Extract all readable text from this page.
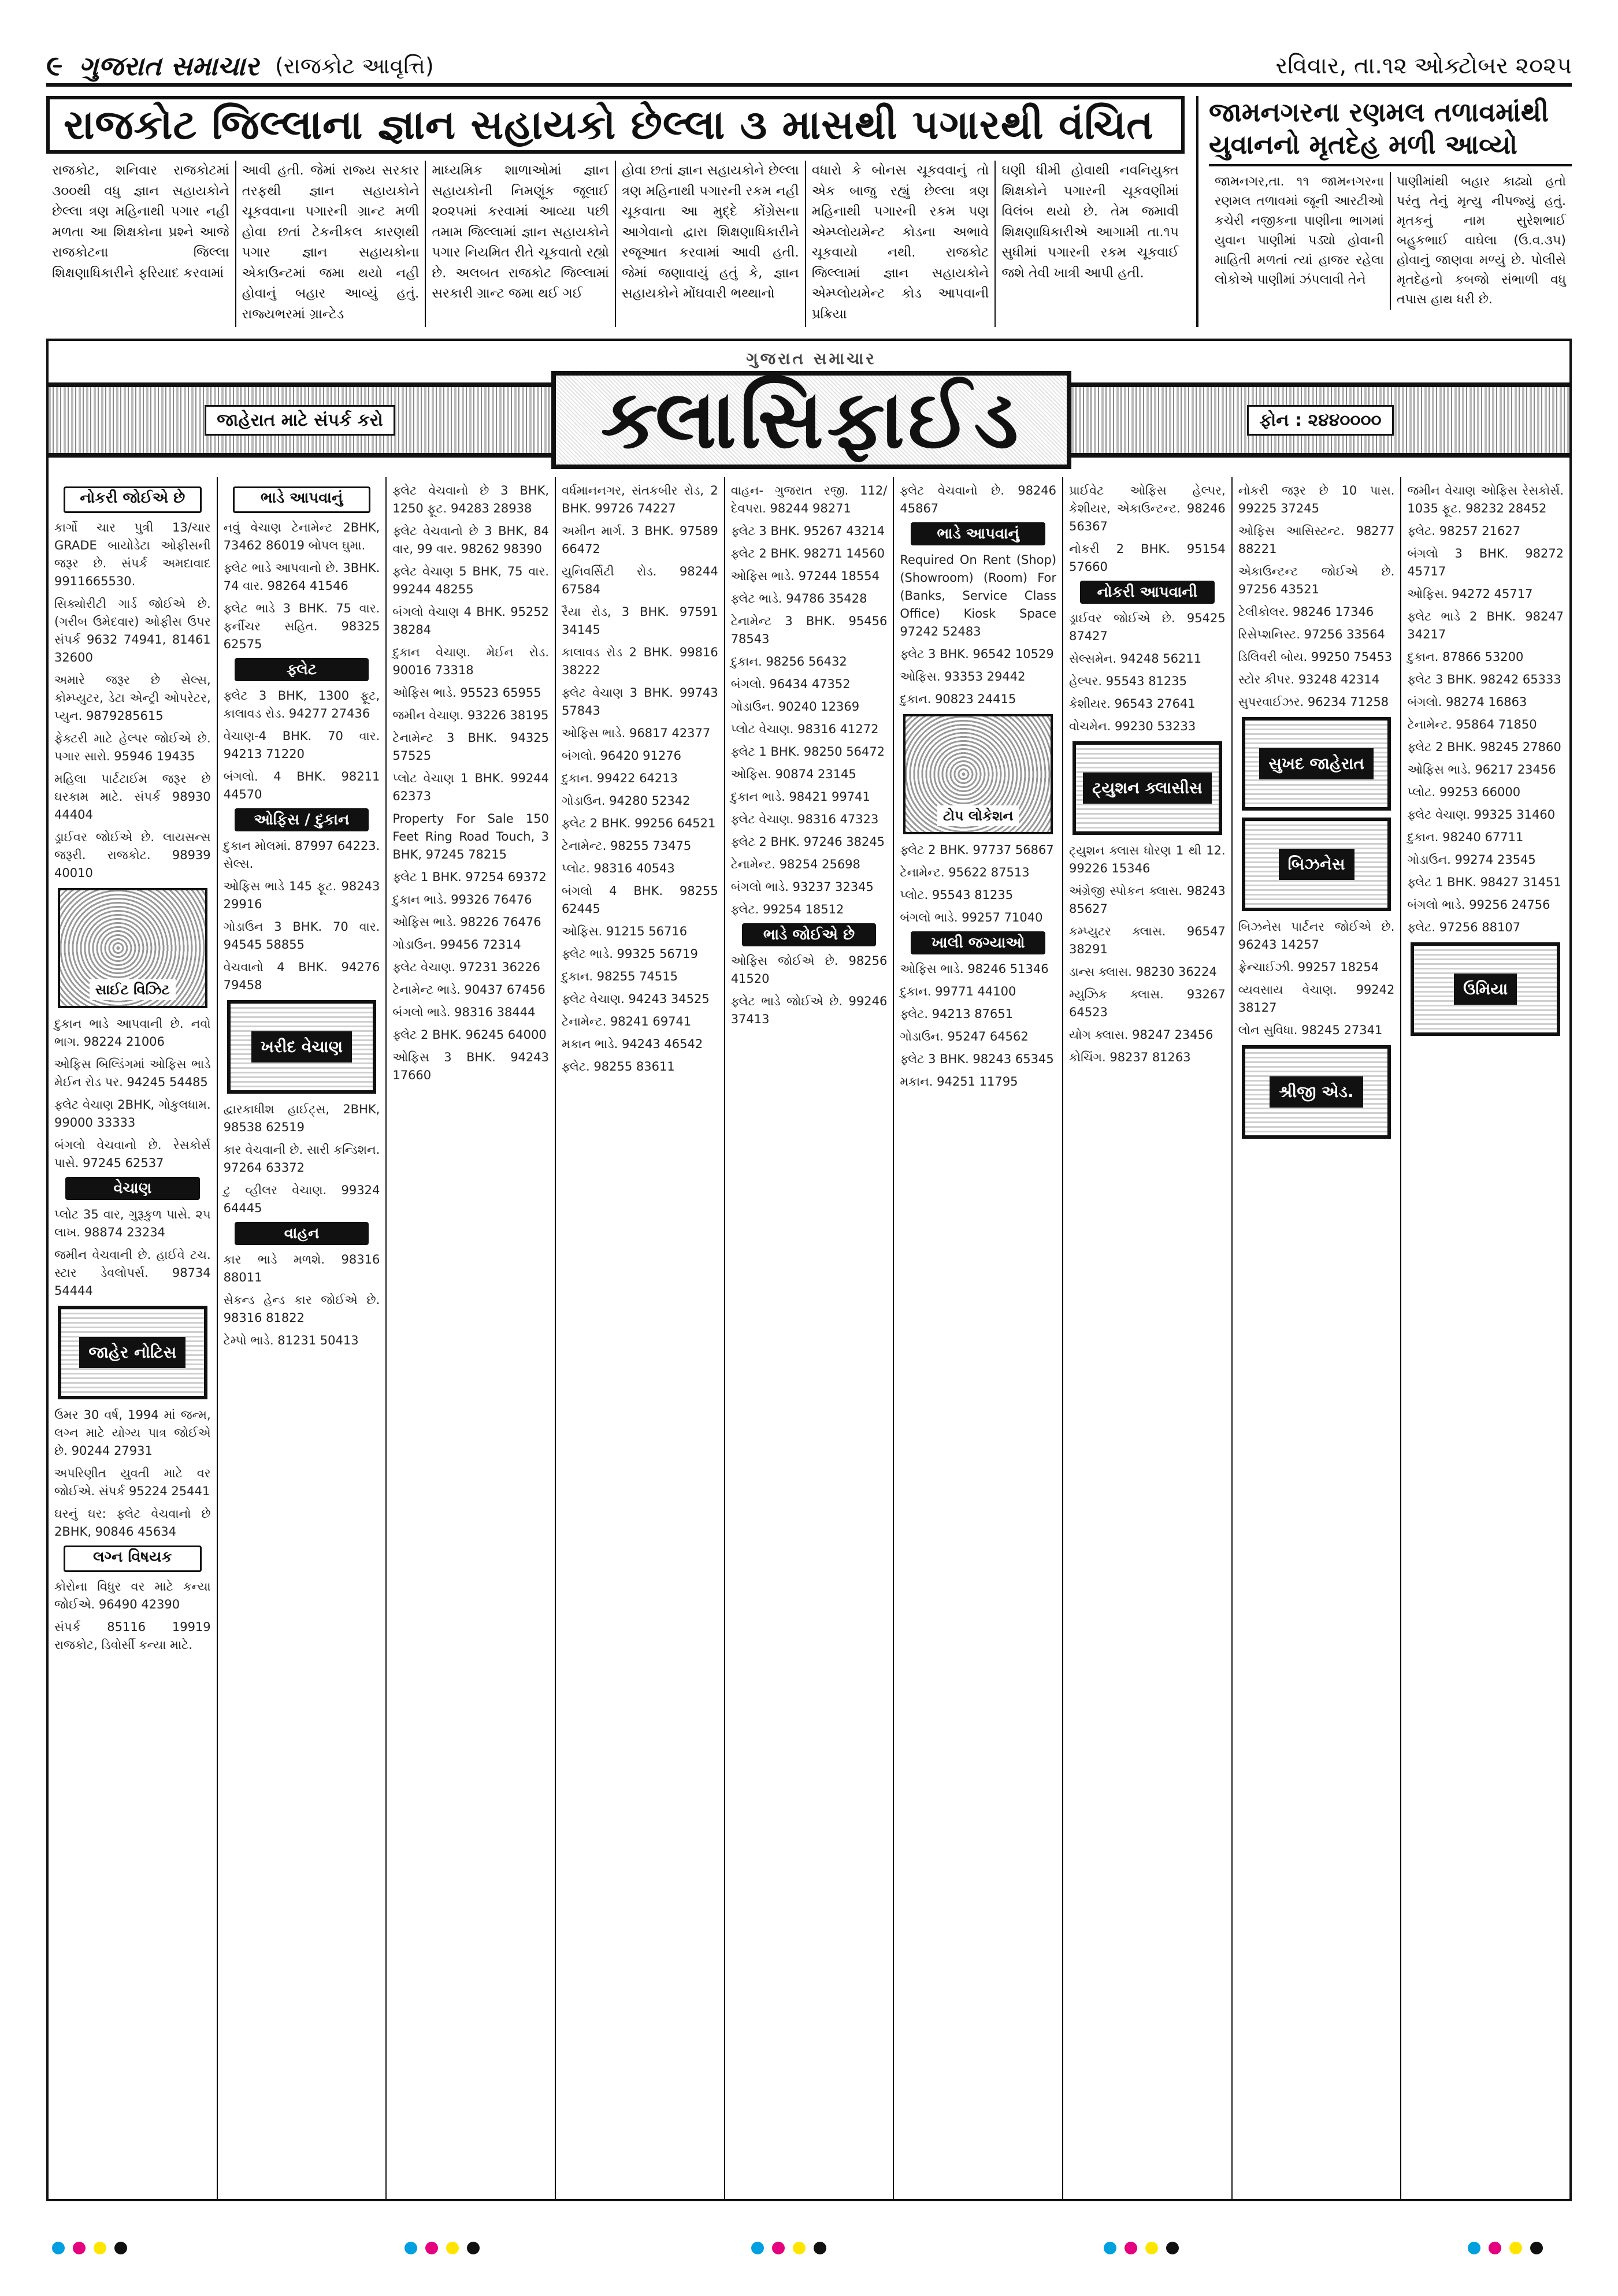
૯ ગુજરાત સમાચાર (રાજકોટ આવૃત્તિ)	રવિવાર, તા.૧૨ ઓક્ટોબર ૨૦૨૫
રાજકોટ જિલ્લાના જ્ઞાન સહાયકો છેલ્લા ૩ માસથી પગારથી વંચિત
રાજકોટ, શનિવાર રાજકોટમાં ૩૦૦થી વધુ જ્ઞાન સહાયકોને છેલ્લા ત્રણ મહિનાથી પગાર નહી મળતા આ શિક્ષકોના પ્રશ્ને આજે રાજકોટના જિલ્લા શિક્ષણાધિકારીને ફરિયાદ કરવામાં
આવી હતી. જેમાં રાજ્ય સરકાર તરફથી જ્ઞાન સહાયકોને ચૂકવવાના પગારની ગ્રાન્ટ મળી હોવા છતાં ટેકનીકલ કારણથી પગાર જ્ઞાન સહાયકોના એકાઉન્ટમાં જમા થયો નહી હોવાનું બહાર આવ્યું હતું. રાજ્યભરમાં ગ્રાન્ટેડ
માધ્યમિક શાળાઓમાં જ્ઞાન સહાયકોની નિમણૂંક જૂલાઈ ૨૦૨૫માં કરવામાં આવ્યા પછી તમામ જિલ્લામાં જ્ઞાન સહાયકોને પગાર નિયમિત રીતે ચૂકવાતો રહ્યો છે. અલબત રાજકોટ જિલ્લામાં સરકારી ગ્રાન્ટ જમા થઈ ગઈ
હોવા છતાં જ્ઞાન સહાયકોને છેલ્લા ત્રણ મહિનાથી પગારની રકમ નહી ચૂકવાતા આ મુદ્દે કોંગ્રેસના આગેવાનો દ્વારા શિક્ષણાધિકારીને રજૂઆત કરવામાં આવી હતી. જેમાં જણાવાયું હતું કે, જ્ઞાન સહાયકોને મોંઘવારી ભથ્થાનો
વધારો કે બોનસ ચૂકવવાનું તો એક બાજુ રહ્યું છેલ્લા ત્રણ મહિનાથી પગારની રકમ પણ એમ્પ્લોયમેન્ટ કોડના અભાવે ચૂકવાયો નથી. રાજકોટ જિલ્લામાં જ્ઞાન સહાયકોને એમ્પ્લોયમેન્ટ કોડ આપવાની પ્રક્રિયા
ઘણી ધીમી હોવાથી નવનિયુક્ત શિક્ષકોને પગારની ચૂકવણીમાં વિલંબ થયો છે. તેમ જમાવી શિક્ષણાધિકારીએ આગામી તા.૧૫ સુધીમાં પગારની રકમ ચૂકવાઈ જશે તેવી ખાત્રી આપી હતી.
જામનગરના રણમલ તળાવમાંથી યુવાનનો મૃતદેહ મળી આવ્યો
જામનગર,તા. ૧૧ જામનગરના રણમલ તળાવમાં જૂની આરટીઓ કચેરી નજીકના પાણીના ભાગમાં યુવાન પાણીમાં પડ્યો હોવાની માહિતી મળતાં ત્યાં હાજર રહેલા લોકોએ પાણીમાં ઝંપલાવી તેને
પાણીમાંથી બહાર કાઢ્યો હતો પરંતુ તેનું મૃત્યુ નીપજ્યું હતું. મૃતકનું નામ સુરેશભાઈ બહુકભાઈ વાઘેલા (ઉ.વ.૩૫) હોવાનું જાણવા મળ્યું છે. પોલીસે મૃતદેહનો કબજો સંભાળી વધુ તપાસ હાથ ધરી છે.
ગુજરાત સમાચાર
જાહેરાત માટે સંપર્ક કરો	ક્લાસિફાઈડ	ફોન : ૨૪૪૦૦૦૦
નોકરી જોઈએ છે
કાર્ગો ચાર પુત્રી 13/ચાર GRADE બાયોડેટા ઓફીસની જરૂર છે. સંપર્ક અમદાવાદ 9911665530.
સિક્યોરીટી ગાર્ડ જોઈએ છે. (ગરીબ ઉમેદવાર) ઓફીસ ઉપર સંપર્ક 9632 74941, 81461 32600
અમારે જરૂર છે સેલ્સ, કોમ્પ્યુટર, ડેટા એન્ટ્રી ઓપરેટર, પ્યુન. 9879285615
ફેક્ટરી માટે હેલ્પર જોઈએ છે. પગાર સારો. 95946 19435
મહિલા પાર્ટટાઈમ જરૂર છે ઘરકામ માટે. સંપર્ક 98930 44404
ડ્રાઈવર જોઈએ છે. લાયસન્સ જરૂરી. રાજકોટ. 98939 40010
સાઈટ વિઝિટ
દુકાન ભાડે આપવાની છે. નવો ભાગ. 98224 21006
ઓફિસ બિલ્ડિંગમાં ઓફિસ ભાડે મેઈન રોડ પર. 94245 54485
ફ્લેટ વેચાણ 2BHK, ગોકુલધામ. 99000 33333
બંગલો વેચવાનો છે. રેસકોર્સ પાસે. 97245 62537
વેચાણ
પ્લોટ 35 વાર, ગુરૂકુળ પાસે. ૨૫ લાખ. 98874 23234
જમીન વેચવાની છે. હાઈવે ટચ. સ્ટાર ડેવલોપર્સ. 98734 54444
જાહેર નોટિસ
ઉમર 30 વર્ષ, 1994 માં જન્મ, લગ્ન માટે યોગ્ય પાત્ર જોઈએ છે. 90244 27931
અપરિણીત યુવતી માટે વર જોઈએ. સંપર્ક 95224 25441
ઘરનું ઘર: ફ્લેટ વેચવાનો છે 2BHK, 90846 45634
લગ્ન વિષયક
કોરોના વિધુર વર માટે કન્યા જોઈએ. 96490 42390
સંપર્ક 85116 19919 રાજકોટ, ડિવોર્સી કન્યા માટે.
ભાડે આપવાનું
નવું વેચાણ ટેનામેન્ટ 2BHK, 73462 86019 બોપલ ઘુમા.
ફ્લેટ ભાડે આપવાનો છે. 3BHK. 74 વાર. 98264 41546
ફ્લેટ ભાડે 3 BHK. 75 વાર. ફર્નીચર સહિત. 98325 62575
ફ્લેટ
ફ્લેટ 3 BHK, 1300 ફૂટ, કાલાવડ રોડ. 94277 27436
વેચાણ-4 BHK. 70 વાર. 94213 71220
બંગલો. 4 BHK. 98211 44570
ઓફિસ / દુકાન
દુકાન મોલમાં. 87997 64223. સેલ્સ.
ઓફિસ ભાડે 145 ફૂટ. 98243 29916
ગોડાઉન 3 BHK. 70 વાર. 94545 58855
વેચવાનો 4 BHK. 94276 79458
ખરીદ વેચાણ
દ્વારકાધીશ હાઈટ્સ, 2BHK, 98538 62519
કાર વેચવાની છે. સારી કન્ડિશન. 97264 63372
ટુ વ્હીલર વેચાણ. 99324 64445
વાહન
કાર ભાડે મળશે. 98316 88011
સેકન્ડ હેન્ડ કાર જોઈએ છે. 98316 81822
ટેમ્પો ભાડે. 81231 50413
ફ્લેટ વેચવાનો છે 3 BHK, 1250 ફૂટ. 94283 28938
ફ્લેટ વેચવાનો છે 3 BHK, 84 વાર, 99 વાર. 98262 98390
ફ્લેટ વેચાણ 5 BHK, 75 વાર. 99244 48255
બંગલો વેચાણ 4 BHK. 95252 38284
દુકાન વેચાણ. મેઈન રોડ. 90016 73318
ઓફિસ ભાડે. 95523 65955
જમીન વેચાણ. 93226 38195
ટેનામેન્ટ 3 BHK. 94325 57525
પ્લોટ વેચાણ 1 BHK. 99244 62373
Property For Sale 150 Feet Ring Road Touch, 3 BHK, 97245 78215
ફ્લેટ 1 BHK. 97254 69372
દુકાન ભાડે. 99326 76476
ઓફિસ ભાડે. 98226 76476
ગોડાઉન. 99456 72314
ફ્લેટ વેચાણ. 97231 36226
ટેનામેન્ટ ભાડે. 90437 67456
બંગલો ભાડે. 98316 38444
ફ્લેટ 2 BHK. 96245 64000
ઓફિસ 3 BHK. 94243 17660
વર્ધમાનનગર, સંતકબીર રોડ, 2 BHK. 99726 74227
અમીન માર્ગ. 3 BHK. 97589 66472
યુનિવર્સિટી રોડ. 98244 67584
રૈયા રોડ, 3 BHK. 97591 34145
કાલાવડ રોડ 2 BHK. 99816 38222
ફ્લેટ વેચાણ 3 BHK. 99743 57843
ઓફિસ ભાડે. 96817 42377
બંગલો. 96420 91276
દુકાન. 99422 64213
ગોડાઉન. 94280 52342
ફ્લેટ 2 BHK. 99256 64521
ટેનામેન્ટ. 98255 73475
પ્લોટ. 98316 40543
બંગલો 4 BHK. 98255 62445
ઓફિસ. 91215 56716
ફ્લેટ ભાડે. 99325 56719
દુકાન. 98255 74515
ફ્લેટ વેચાણ. 94243 34525
ટેનામેન્ટ. 98241 69741
મકાન ભાડે. 94243 46542
ફ્લેટ. 98255 83611
વાહન- ગુજરાત રજી. 112/ દેવપરા. 98244 98271
ફ્લેટ 3 BHK. 95267 43214
ફ્લેટ 2 BHK. 98271 14560
ઓફિસ ભાડે. 97244 18554
ફ્લેટ ભાડે. 94786 35428
ટેનામેન્ટ 3 BHK. 95456 78543
દુકાન. 98256 56432
બંગલો. 96434 47352
ગોડાઉન. 90240 12369
પ્લોટ વેચાણ. 98316 41272
ફ્લેટ 1 BHK. 98250 56472
ઓફિસ. 90874 23145
દુકાન ભાડે. 98421 99741
ફ્લેટ વેચાણ. 98316 47323
ફ્લેટ 2 BHK. 97246 38245
ટેનામેન્ટ. 98254 25698
બંગલો ભાડે. 93237 32345
ફ્લેટ. 99254 18512
ભાડે જોઈએ છે
ઓફિસ જોઈએ છે. 98256 41520
ફ્લેટ ભાડે જોઈએ છે. 99246 37413
ફ્લેટ વેચવાનો છે. 98246 45867
ભાડે આપવાનું
Required On Rent (Shop) (Showroom) (Room) For (Banks, Service Class Office) Kiosk Space 97242 52483
ફ્લેટ 3 BHK. 96542 10529
ઓફિસ. 93353 29442
દુકાન. 90823 24415
ટોપ લોકેશન
ફ્લેટ 2 BHK. 97737 56867
ટેનામેન્ટ. 95622 87513
પ્લોટ. 95543 81235
બંગલો ભાડે. 99257 71040
ખાલી જગ્યાઓ
ઓફિસ ભાડે. 98246 51346
દુકાન. 99771 44100
ફ્લેટ. 94213 87651
ગોડાઉન. 95247 64562
ફ્લેટ 3 BHK. 98243 65345
મકાન. 94251 11795
પ્રાઈવેટ ઓફિસ હેલ્પર, કેશીયર, એકાઉન્ટન્ટ. 98246 56367
નોકરી 2 BHK. 95154 57660
નોકરી આપવાની
ડ્રાઈવર જોઈએ છે. 95425 87427
સેલ્સમેન. 94248 56211
હેલ્પર. 95543 81235
કેશીયર. 96543 27641
વોચમેન. 99230 53233
ટ્યુશન ક્લાસીસ
ટ્યુશન ક્લાસ ધોરણ 1 થી 12. 99226 15346
અંગ્રેજી સ્પોકન ક્લાસ. 98243 85627
કમ્પ્યુટર ક્લાસ. 96547 38291
ડાન્સ ક્લાસ. 98230 36224
મ્યુઝિક ક્લાસ. 93267 64523
યોગ ક્લાસ. 98247 23456
કોચિંગ. 98237 81263
નોકરી જરૂર છે 10 પાસ. 99225 37245
ઓફિસ આસિસ્ટન્ટ. 98277 88221
એકાઉન્ટન્ટ જોઈએ છે. 97256 43521
ટેલીકોલર. 98246 17346
રિસેપ્શનિસ્ટ. 97256 33564
ડિલિવરી બોય. 99250 75453
સ્ટોર કીપર. 93248 42314
સુપરવાઈઝર. 96234 71258
સુખદ જાહેરાત
બિઝનેસ
બિઝનેસ પાર્ટનર જોઈએ છે. 96243 14257
ફ્રેન્ચાઈઝી. 99257 18254
વ્યવસાય વેચાણ. 99242 38127
લોન સુવિધા. 98245 27341
શ્રીજી એડ.
જમીન વેચાણ ઓફિસ રેસકોર્સ. 1035 ફૂટ. 98232 28452
ફ્લેટ. 98257 21627
બંગલો 3 BHK. 98272 45717
ઓફિસ. 94272 45717
ફ્લેટ ભાડે 2 BHK. 98247 34217
દુકાન. 87866 53200
ફ્લેટ 3 BHK. 98242 65333
બંગલો. 98274 16863
ટેનામેન્ટ. 95864 71850
ફ્લેટ 2 BHK. 98245 27860
ઓફિસ ભાડે. 96217 23456
પ્લોટ. 99253 66000
ફ્લેટ વેચાણ. 99325 31460
દુકાન. 98240 67711
ગોડાઉન. 99274 23545
ફ્લેટ 1 BHK. 98427 31451
બંગલો ભાડે. 99256 24756
ફ્લેટ. 97256 88107
ઉમિયા
